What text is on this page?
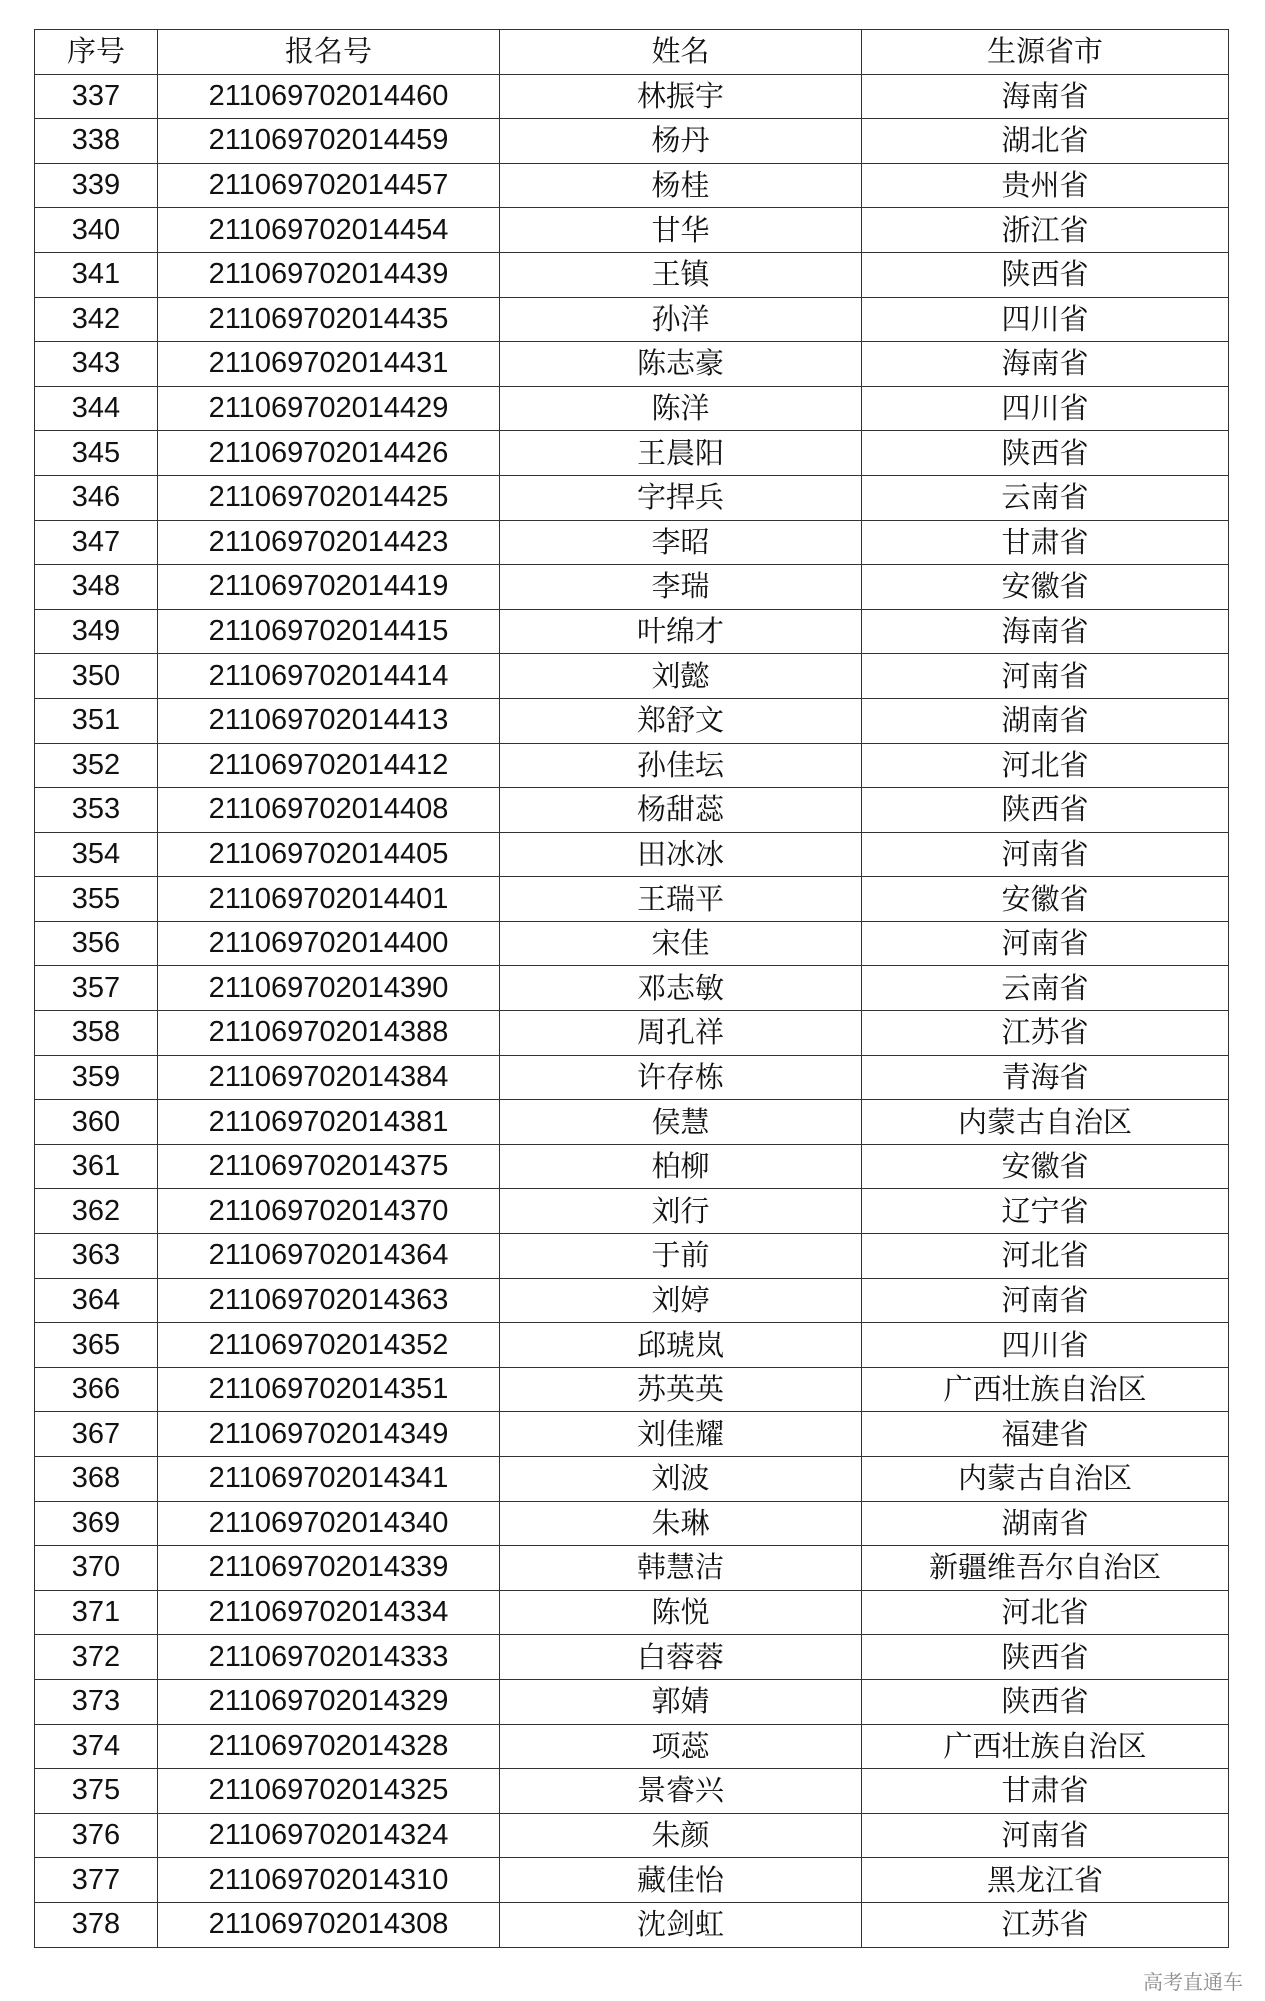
序号	报名号	姓名	生源省市
337	211069702014460	林振宇	海南省
338	211069702014459	杨丹	湖北省
339	211069702014457	杨桂	贵州省
340	211069702014454	甘华	浙江省
341	211069702014439	王镇	陕西省
342	211069702014435	孙洋	四川省
343	211069702014431	陈志豪	海南省
344	211069702014429	陈洋	四川省
345	211069702014426	王晨阳	陕西省
346	211069702014425	字捍兵	云南省
347	211069702014423	李昭	甘肃省
348	211069702014419	李瑞	安徽省
349	211069702014415	叶绵才	海南省
350	211069702014414	刘懿	河南省
351	211069702014413	郑舒文	湖南省
352	211069702014412	孙佳坛	河北省
353	211069702014408	杨甜蕊	陕西省
354	211069702014405	田冰冰	河南省
355	211069702014401	王瑞平	安徽省
356	211069702014400	宋佳	河南省
357	211069702014390	邓志敏	云南省
358	211069702014388	周孔祥	江苏省
359	211069702014384	许存栋	青海省
360	211069702014381	侯慧	内蒙古自治区
361	211069702014375	柏柳	安徽省
362	211069702014370	刘行	辽宁省
363	211069702014364	于前	河北省
364	211069702014363	刘婷	河南省
365	211069702014352	邱琥岚	四川省
366	211069702014351	苏英英	广西壮族自治区
367	211069702014349	刘佳耀	福建省
368	211069702014341	刘波	内蒙古自治区
369	211069702014340	朱琳	湖南省
370	211069702014339	韩慧洁	新疆维吾尔自治区
371	211069702014334	陈悦	河北省
372	211069702014333	白蓉蓉	陕西省
373	211069702014329	郭婧	陕西省
374	211069702014328	项蕊	广西壮族自治区
375	211069702014325	景睿兴	甘肃省
376	211069702014324	朱颜	河南省
377	211069702014310	藏佳怡	黑龙江省
378	211069702014308	沈剑虹	江苏省
高考直通车
